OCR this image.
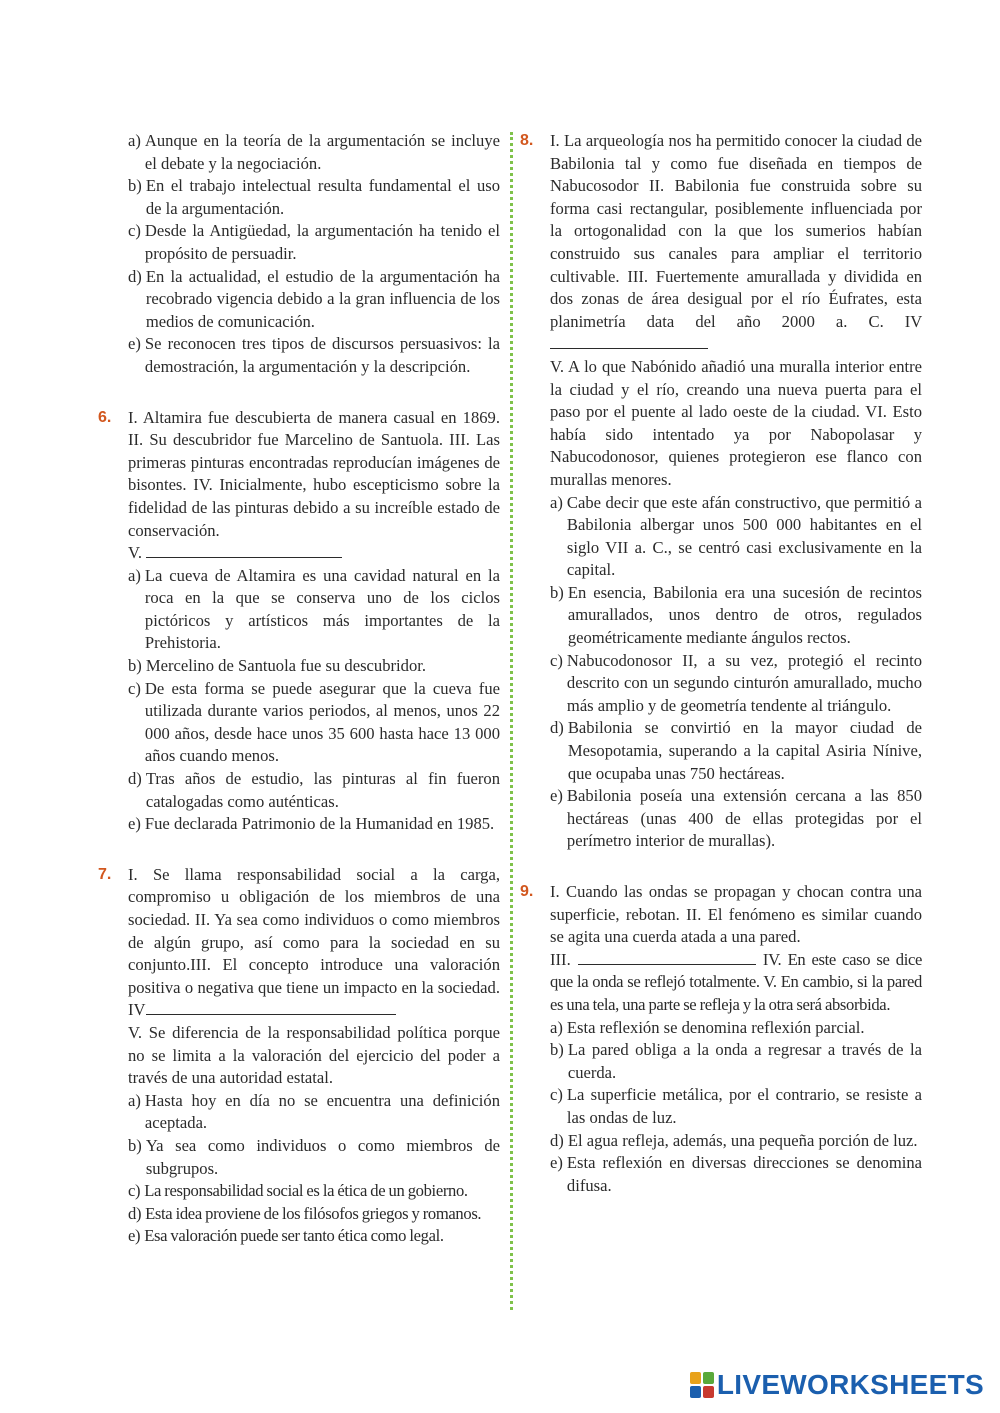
a) Aunque en la teoría de la argumentación se incluye el debate y la negociación.
b) En el trabajo intelectual resulta fundamental el uso de la argumentación.
c) Desde la Antigüedad, la argumentación ha tenido el propósito de persuadir.
d) En la actualidad, el estudio de la argumentación ha recobrado vigencia debido a la gran influencia de los medios de comunicación.
e) Se reconocen tres tipos de discursos persuasivos: la demostración, la argumentación y la descripción.
6.	I. Altamira fue descubierta de manera casual en 1869. II. Su descubridor fue Marcelino de Santuola. III. Las primeras pinturas encontradas reproducían imágenes de bisontes. IV. Inicialmente, hubo escepticismo sobre la fidelidad de las pinturas debido a su increíble estado de conservación.
V.
a) La cueva de Altamira es una cavidad natural en la roca en la que se conserva uno de los ciclos pictóricos y artísticos más importantes de la Prehistoria.
b) Mercelino de Santuola fue su descubridor.
c) De esta forma se puede asegurar que la cueva fue utilizada durante varios periodos, al menos, unos 22 000 años, desde hace unos 35 600 hasta hace 13 000 años cuando menos.
d) Tras años de estudio, las pinturas al fin fueron catalogadas como auténticas.
e) Fue declarada Patrimonio de la Humanidad en 1985.
7.	I. Se llama responsabilidad social a la carga, compromiso u obligación de los miembros de una sociedad. II. Ya sea como individuos o como miembros de algún grupo, así como para la sociedad en su conjunto.III. El concepto introduce una valoración positiva o negativa que tiene un impacto en la sociedad. IV
V. Se diferencia de la responsabilidad política porque no se limita a la valoración del ejercicio del poder a través de una autoridad estatal.
a) Hasta hoy en día no se encuentra una definición aceptada.
b) Ya sea como individuos o como miembros de subgrupos.
c) La responsabilidad social es la ética de un gobierno.
d) Esta idea proviene de los filósofos griegos y romanos.
e) Esa valoración puede ser tanto ética como legal.
8.	I. La arqueología nos ha permitido conocer la ciudad de Babilonia tal y como fue diseñada en tiempos de Nabucosodor II. Babilonia fue construida sobre su forma casi rectangular, posiblemente influenciada por la ortogonalidad con la que los sumerios habían construido sus canales para ampliar el territorio cultivable. III. Fuertemente amurallada y dividida en dos zonas de área desigual por el río Éufrates, esta planimetría data del año 2000 a. C. IV
V. A lo que Nabónido añadió una muralla interior entre la ciudad y el río, creando una nueva puerta para el paso por el puente al lado oeste de la ciudad. VI. Esto había sido intentado ya por Nabopolasar y Nabucodonosor, quienes protegieron ese flanco con murallas menores.
a) Cabe decir que este afán constructivo, que permitió a Babilonia albergar unos 500 000 habitantes en el siglo VII a. C., se centró casi exclusivamente en la capital.
b) En esencia, Babilonia era una sucesión de recintos amurallados, unos dentro de otros, regulados geométricamente mediante ángulos rectos.
c) Nabucodonosor II, a su vez, protegió el recinto descrito con un segundo cinturón amurallado, mucho más amplio y de geometría tendente al triángulo.
d) Babilonia se convirtió en la mayor ciudad de Mesopotamia, superando a la capital Asiria Nínive, que ocupaba unas 750 hectáreas.
e) Babilonia poseía una extensión cercana a las 850 hectáreas (unas 400 de ellas protegidas por el perímetro interior de murallas).
9.	I. Cuando las ondas se propagan y chocan contra una superficie, rebotan. II. El fenómeno es similar cuando se agita una cuerda atada a una pared.
III.	IV. En este caso se dice que la onda se reflejó totalmente. V. En cambio, si la pared es una tela, una parte se refleja y la otra será absorbida.
a) Esta reflexión se denomina reflexión parcial.
b) La pared obliga a la onda a regresar a través de la cuerda.
c) La superficie metálica, por el contrario, se resiste a las ondas de luz.
d) El agua refleja, además, una pequeña porción de luz.
e) Esta reflexión en diversas direcciones se denomina difusa.
LIVEWORKSHEETS
